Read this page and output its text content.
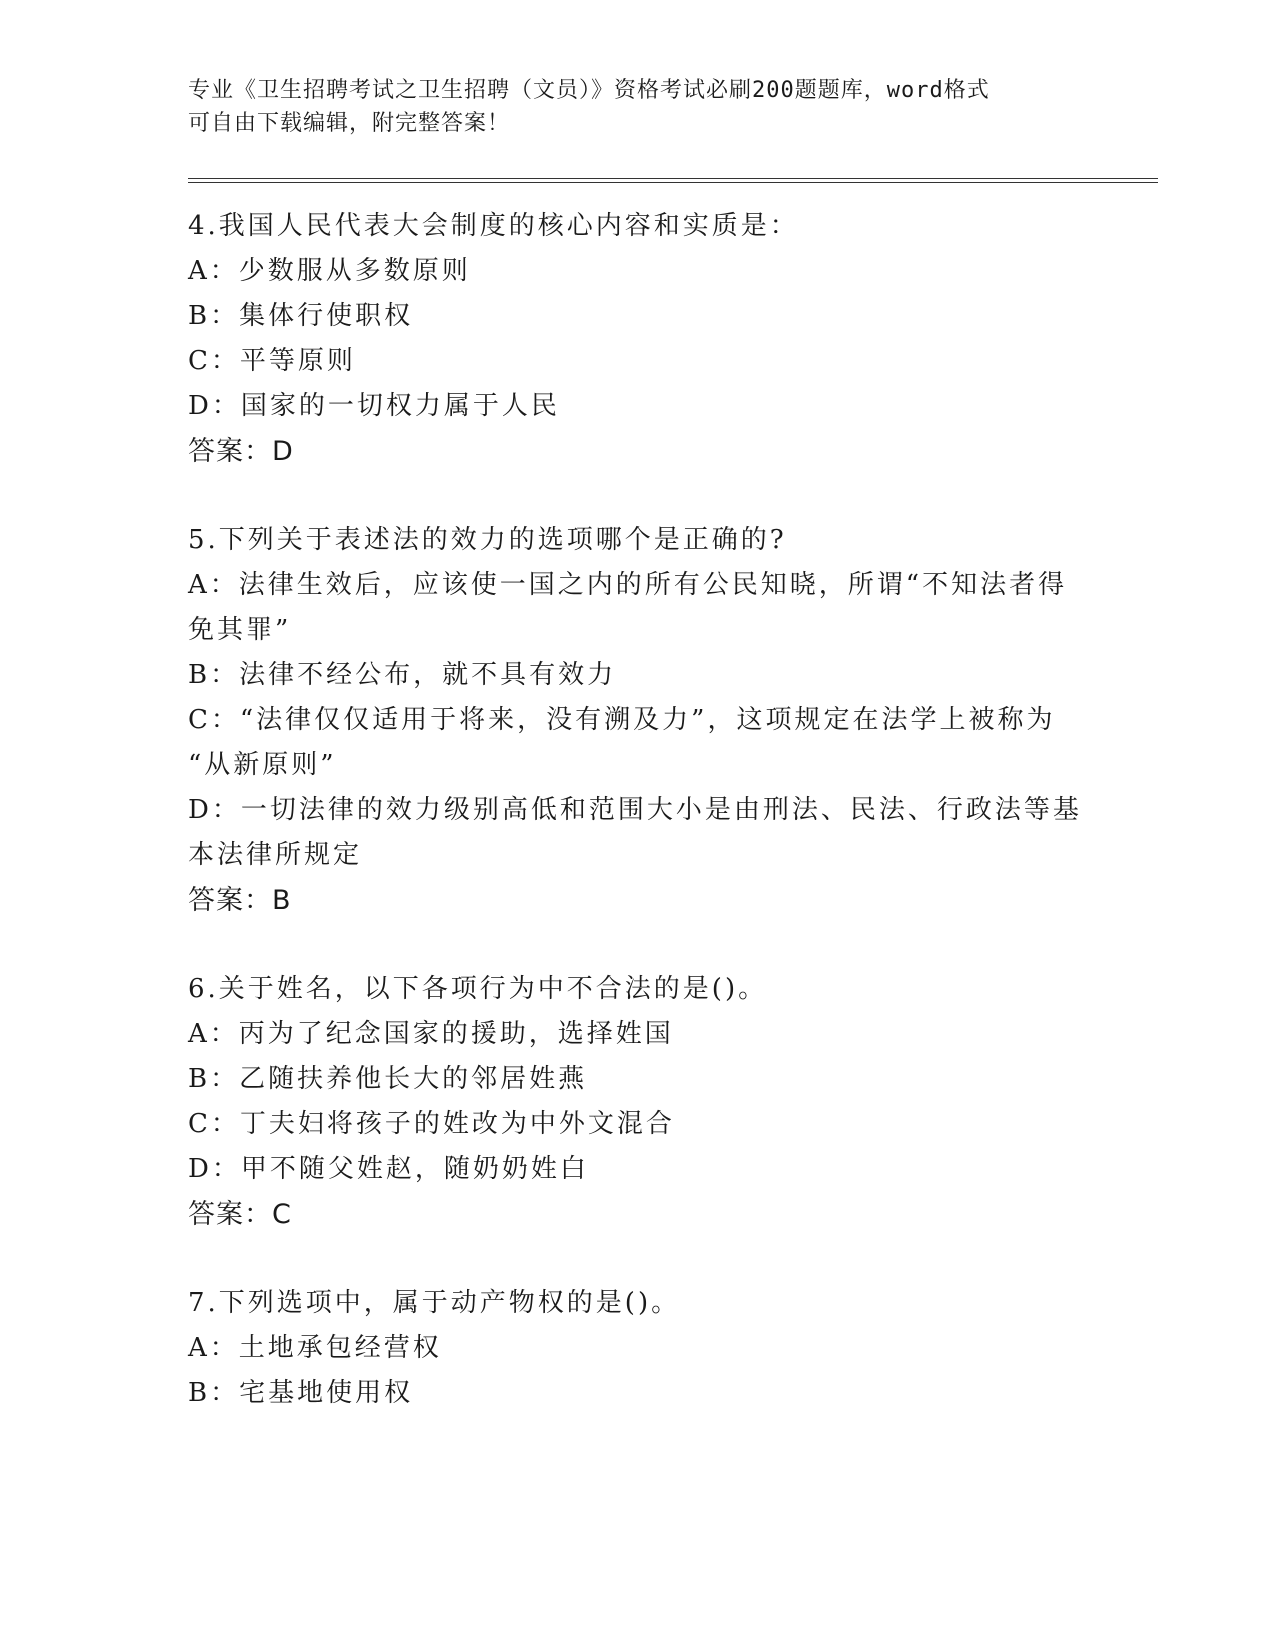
专业《卫生招聘考试之卫生招聘（文员）》资格考试必刷200题题库，word格式
可自由下载编辑，附完整答案！
4.我国人民代表大会制度的核心内容和实质是：
A：少数服从多数原则
B：集体行使职权
C：平等原则
D：国家的一切权力属于人民
答案：D
5.下列关于表述法的效力的选项哪个是正确的?
A：法律生效后，应该使一国之内的所有公民知晓，所谓“不知法者得
免其罪”
B：法律不经公布，就不具有效力
C：“法律仅仅适用于将来，没有溯及力”，这项规定在法学上被称为
“从新原则”
D：一切法律的效力级别高低和范围大小是由刑法、民法、行政法等基
本法律所规定
答案：B
6.关于姓名，以下各项行为中不合法的是()。
A：丙为了纪念国家的援助，选择姓国
B：乙随扶养他长大的邻居姓燕
C：丁夫妇将孩子的姓改为中外文混合
D：甲不随父姓赵，随奶奶姓白
答案：C
7.下列选项中，属于动产物权的是()。
A：土地承包经营权
B：宅基地使用权
